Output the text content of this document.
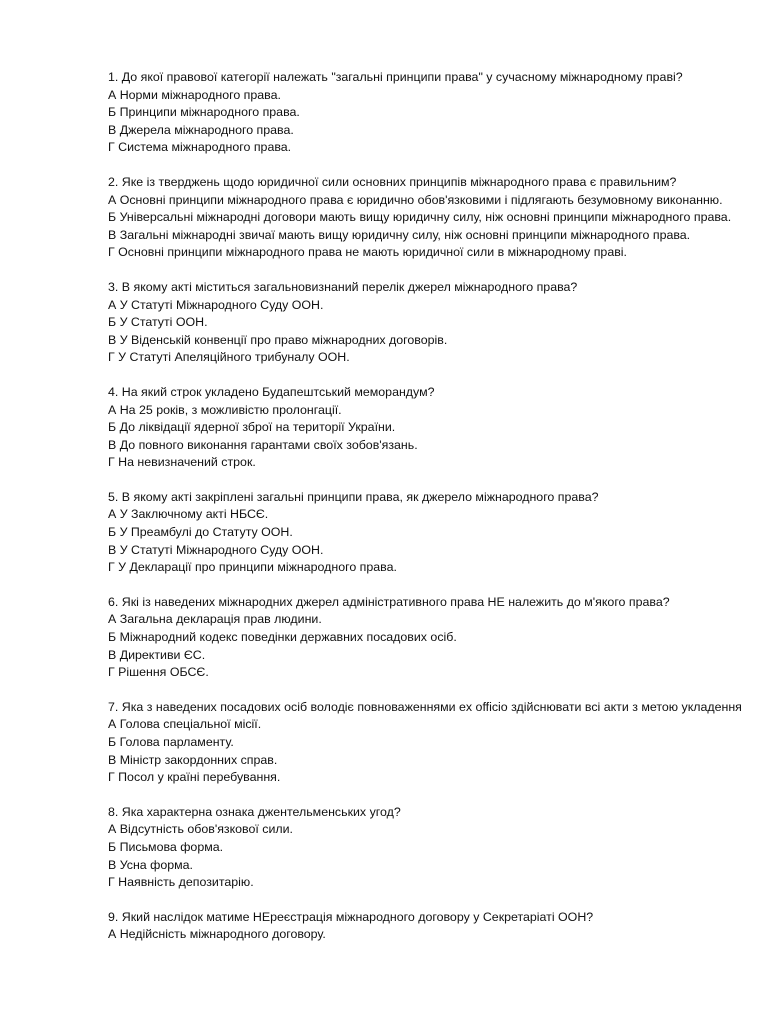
1. До якої правової категорії належать "загальні принципи права" у сучасному міжнародному праві?
А Норми міжнародного права.
Б Принципи міжнародного права.
В Джерела міжнародного права.
Г Система міжнародного права.
2. Яке із тверджень щодо юридичної сили основних принципів міжнародного права є правильним?
А Основні принципи міжнародного права є юридично обов'язковими і підлягають безумовному виконанню.
Б Універсальні міжнародні договори мають вищу юридичну силу, ніж основні принципи міжнародного права.
В Загальні міжнародні звичаї мають вищу юридичну силу, ніж основні принципи міжнародного права.
Г Основні принципи міжнародного права не мають юридичної сили в міжнародному праві.
3. В якому акті міститься загальновизнаний перелік джерел міжнародного права?
А У Статуті Міжнародного Суду ООН.
Б У Статуті ООН.
В У Віденській конвенції про право міжнародних договорів.
Г У Статуті Апеляційного трибуналу ООН.
4. На який строк укладено Будапештський меморандум?
А На 25 років, з можливістю пролонгації.
Б До ліквідації ядерної зброї на території України.
В До повного виконання гарантами своїх зобов'язань.
Г На невизначений строк.
5. В якому акті закріплені загальні принципи права, як джерело міжнародного права?
А У Заключному акті НБСЄ.
Б У Преамбулі до Статуту ООН.
В У Статуті Міжнародного Суду ООН.
Г У Декларації про принципи міжнародного права.
6. Які із наведених міжнародних джерел адміністративного права НЕ належить до м'якого права?
А Загальна декларація прав людини.
Б Міжнародний кодекс поведінки державних посадових осіб.
В Директиви ЄС.
Г Рішення ОБСЄ.
7. Яка з наведених посадових осіб володіє повноваженнями ex officio здійснювати всі акти з метою укладення
А Голова спеціальної місії.
Б Голова парламенту.
В Міністр закордонних справ.
Г Посол у країні перебування.
8. Яка характерна ознака джентельменських угод?
А Відсутність обов'язкової сили.
Б Письмова форма.
В Усна форма.
Г Наявність депозитарію.
9. Який наслідок матиме НЕреєстрація міжнародного договору у Секретаріаті ООН?
А Недійсність міжнародного договору.
